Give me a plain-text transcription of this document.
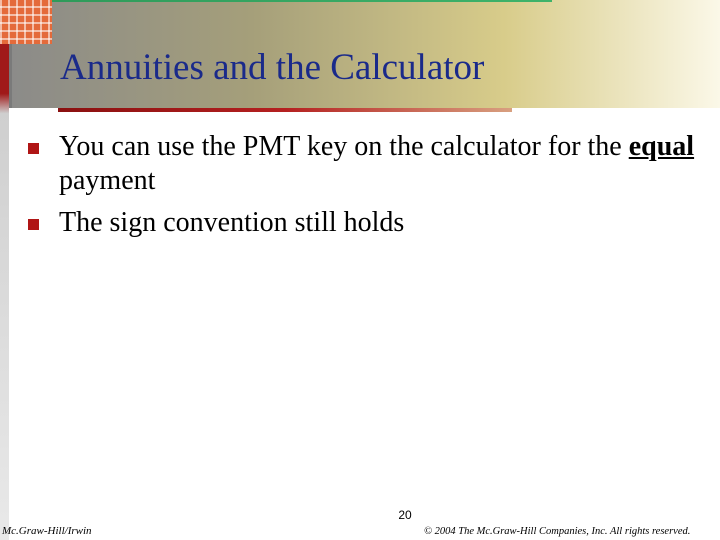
Annuities and the Calculator
You can use the PMT key on the calculator for the equal payment
The sign convention still holds
20
Mc.Graw-Hill/Irwin	© 2004 The Mc.Graw-Hill Companies, Inc. All rights reserved.
